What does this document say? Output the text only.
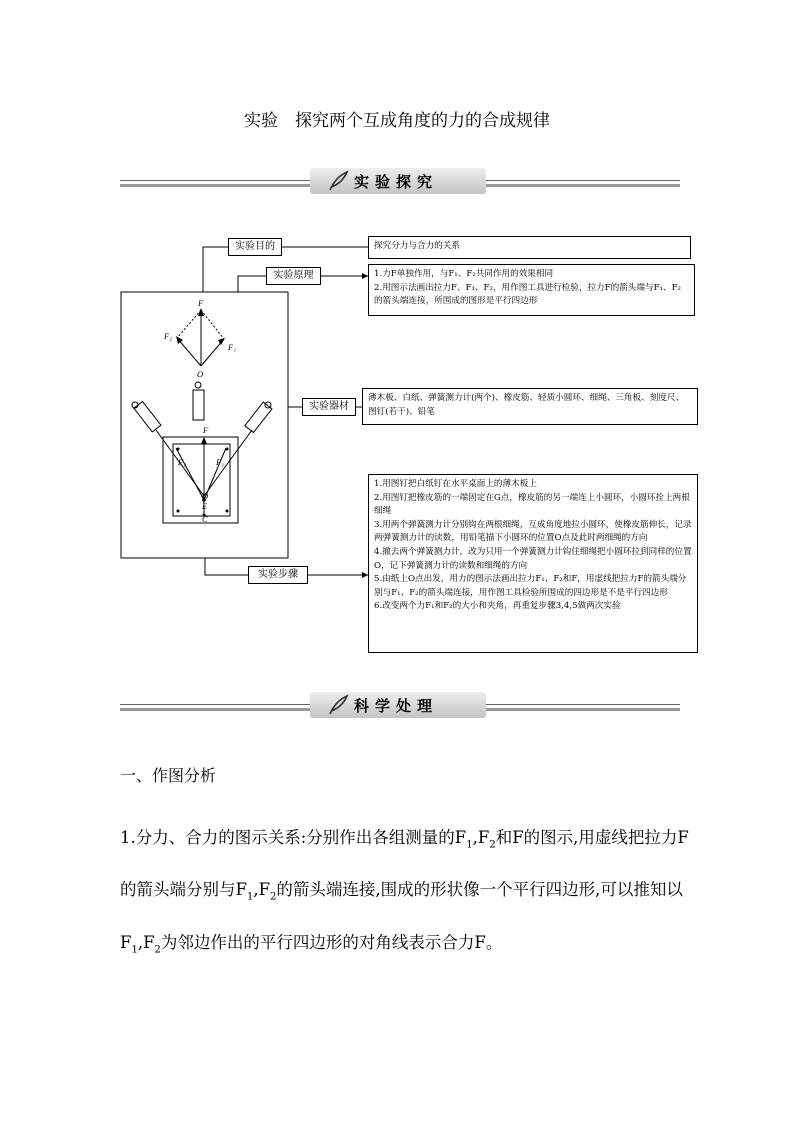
实验　探究两个互成角度的力的合成规律
实验探究
F
F₁
F₂
O
F
F₁
F₂
O
E
C
实验目的	探究分力与合力的关系

实验原理	1.力F单独作用，与F₁、F₂共同作用的效果相同

2.用图示法画出拉力F、F₁、F₂，用作图工具进行检验，拉力F的箭头端与F₁、F₂的箭头端连接，所围成的图形是平行四边形

实验器材

薄木板、白纸、弹簧测力计(两个)、橡皮筋、轻质小圆环、细绳、三角板、刻度尺、图钉(若干)、铅笔

实验步骤

1.用图钉把白纸钉在水平桌面上的薄木板上

2.用图钉把橡皮筋的一端固定在G点，橡皮筋的另一端连上小圆环，小圆环拴上两根细绳

3.用两个弹簧测力计分别钩在两根细绳，互成角度地拉小圆环，使橡皮筋伸长，记录两弹簧测力计的读数，用铅笔描下小圆环的位置O点及此时两细绳的方向

4.撤去两个弹簧测力计，改为只用一个弹簧测力计钩住细绳把小圆环拉到同样的位置O，记下弹簧测力计的读数和细绳的方向

5.由纸上O点出发，用力的图示法画出拉力F₁、F₂和F，用虚线把拉力F的箭头端分别与F₁、F₂的箭头端连接，用作图工具检验所围成的四边形是不是平行四边形

6.改变两个力F₁和F₂的大小和夹角，再重复步骤3,4,5做两次实验

科学处理
一、作图分析
1.分力、合力的图示关系:分别作出各组测量的$F_1,F_2$和F的图示,用虚线把拉力F的箭头端分别与$F_1,F_2$的箭头端连接,围成的形状像一个平行四边形,可以推知以$F_1,F_2$为邻边作出的平行四边形的对角线表示合力F。
